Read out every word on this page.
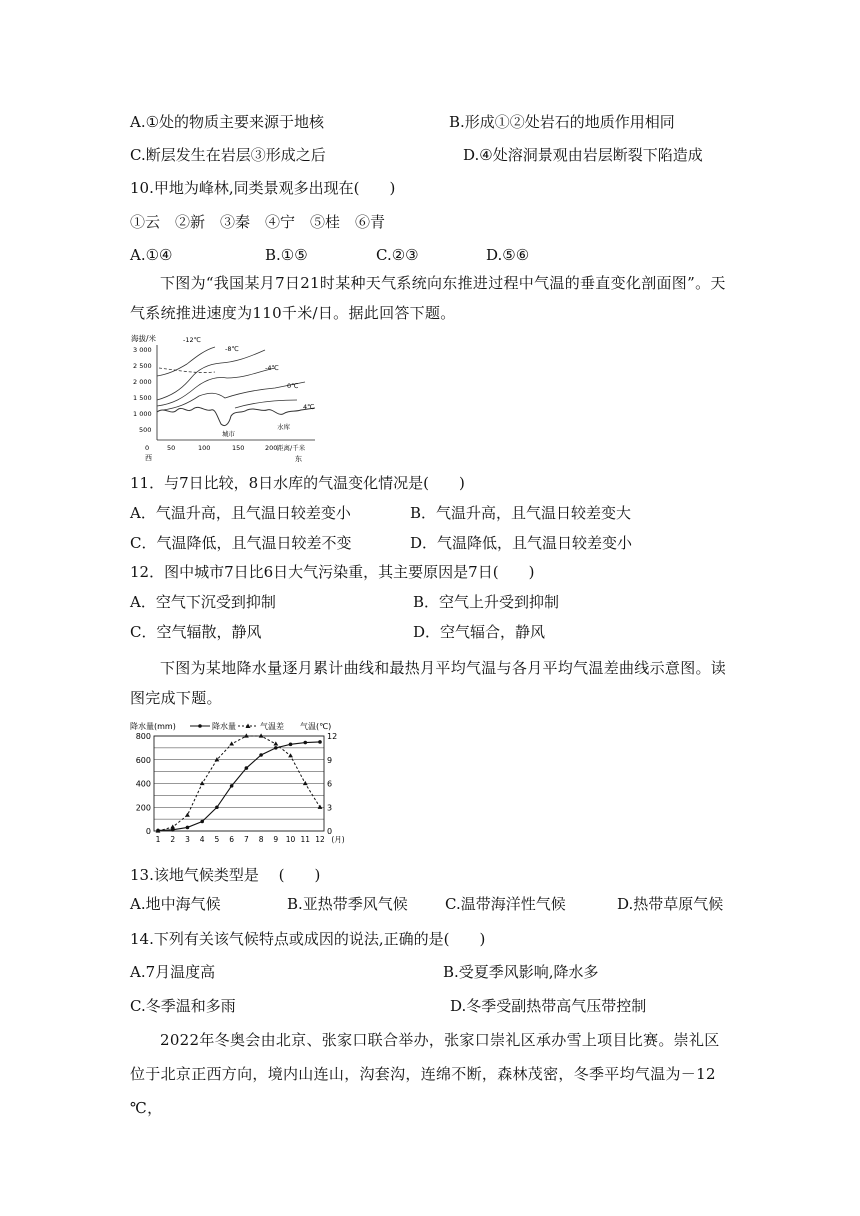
A.①处的物质主要来源于地核	B.形成①②处岩石的地质作用相同
C.断层发生在岩层③形成之后	D.④处溶洞景观由岩层断裂下陷造成
10.甲地为峰林,同类景观多出现在(　　)
①云　②新　③秦　④宁　⑤桂　⑥青
A.①④	B.①⑤	C.②③	D.⑤⑥
下图为“我国某月7日21时某种天气系统向东推进过程中气温的垂直变化剖面图”。天气系统推进速度为110千米/日。据此回答下题。
海拔/米
3 000
2 500
2 000
1 500
1 000
500
0	50	100	150	200 距离/千米
西	东
-12℃
-8℃
-4℃
0℃
4℃
城市
水库
11．与7日比较，8日水库的气温变化情况是(　　)
A．气温升高，且气温日较差变小	B．气温升高，且气温日较差变大
C．气温降低，且气温日较差不变	D．气温降低，且气温日较差变小
12．图中城市7日比6日大气污染重，其主要原因是7日(　　)
A．空气下沉受到抑制	B．空气上升受到抑制
C．空气辐散，静风	D．空气辐合，静风
下图为某地降水量逐月累计曲线和最热月平均气温与各月平均气温差曲线示意图。读图完成下题。
800
600
400
200
0
12
9
6
3
0
1 2 3 4 5 6 7 8 9 10 11 12 (月)
降水量(mm)	降水量	气温差 气温(℃)
13.该地气候类型是　 (　　)
A.地中海气候	B.亚热带季风气候 C.温带海洋性气候	D.热带草原气候
14.下列有关该气候特点或成因的说法,正确的是(　　)
A.7月温度高	B.受夏季风影响,降水多
C.冬季温和多雨	D.冬季受副热带高气压带控制
2022年冬奥会由北京、张家口联合举办，张家口崇礼区承办雪上项目比赛。崇礼区位于北京正西方向，境内山连山，沟套沟，连绵不断，森林茂密，冬季平均气温为－12 ℃，
